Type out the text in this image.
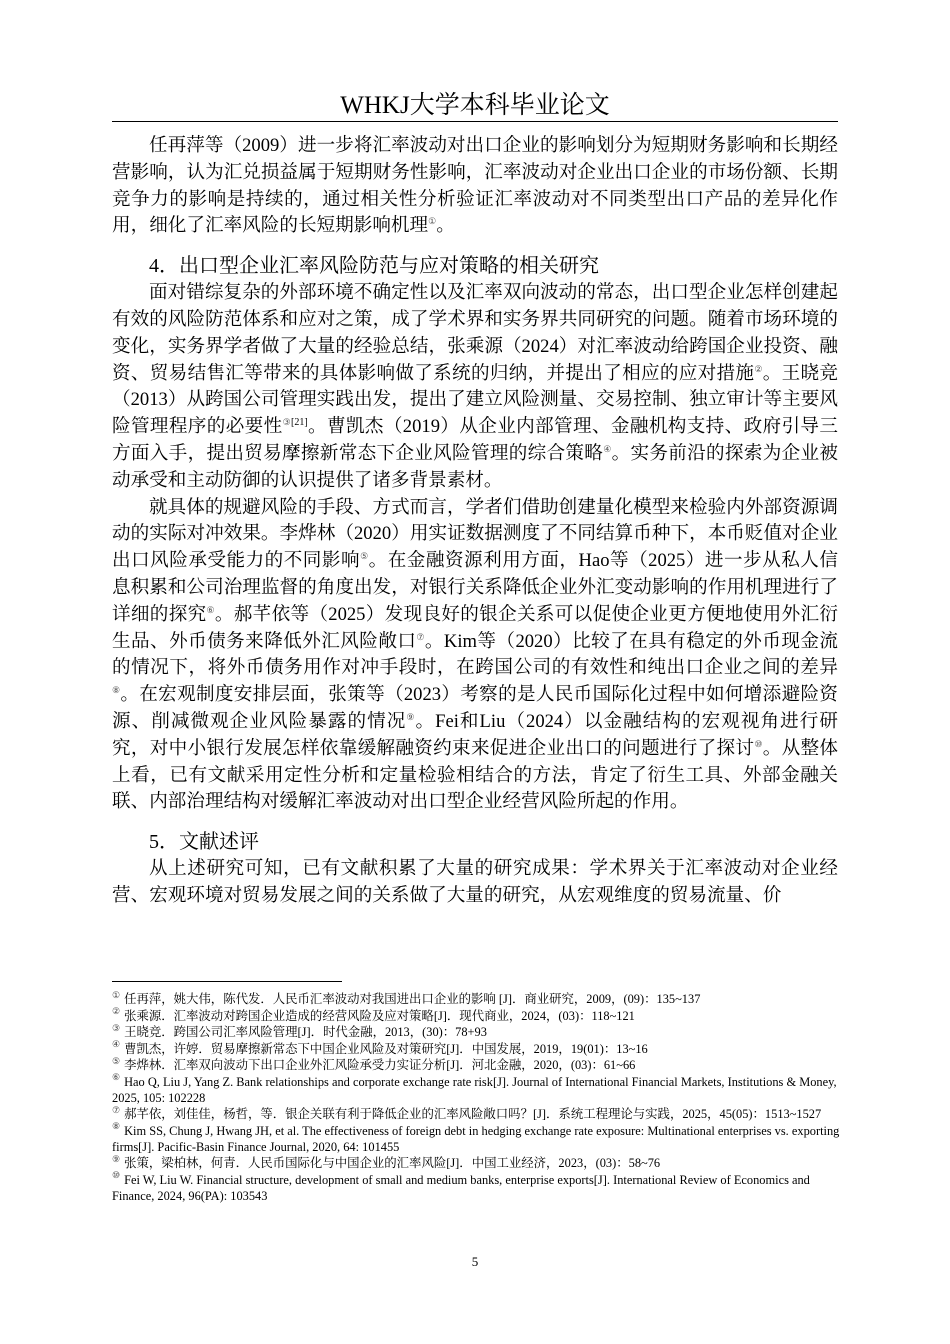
WHKJ大学本科毕业论文

任再萍等（2009）进一步将汇率波动对出口企业的影响划分为短期财务影响和长期经营影响，认为汇兑损益属于短期财务性影响，汇率波动对企业出口企业的市场份额、长期竞争力的影响是持续的，通过相关性分析验证汇率波动对不同类型出口产品的差异化作用，细化了汇率风险的长短期影响机理①。

4．出口型企业汇率风险防范与应对策略的相关研究

面对错综复杂的外部环境不确定性以及汇率双向波动的常态，出口型企业怎样创建起有效的风险防范体系和应对之策，成了学术界和实务界共同研究的问题。随着市场环境的变化，实务界学者做了大量的经验总结，张乘源（2024）对汇率波动给跨国企业投资、融资、贸易结售汇等带来的具体影响做了系统的归纳，并提出了相应的应对措施②。王晓竞（2013）从跨国公司管理实践出发，提出了建立风险测量、交易控制、独立审计等主要风险管理程序的必要性$^{③[21]}$。曹凯杰（2019）从企业内部管理、金融机构支持、政府引导三方面入手，提出贸易摩擦新常态下企业风险管理的综合策略④。实务前沿的探索为企业被动承受和主动防御的认识提供了诸多背景素材。

就具体的规避风险的手段、方式而言，学者们借助创建量化模型来检验内外部资源调动的实际对冲效果。李烨林（2020）用实证数据测度了不同结算币种下，本币贬值对企业出口风险承受能力的不同影响⑤。在金融资源利用方面，Hao等（2025）进一步从私人信息积累和公司治理监督的角度出发，对银行关系降低企业外汇变动影响的作用机理进行了详细的探究⑥。郝芊依等（2025）发现良好的银企关系可以促使企业更方便地使用外汇衍生品、外币债务来降低外汇风险敞口⑦。Kim等（2020）比较了在具有稳定的外币现金流的情况下，将外币债务用作对冲手段时，在跨国公司的有效性和纯出口企业之间的差异⑧。在宏观制度安排层面，张策等（2023）考察的是人民币国际化过程中如何增添避险资源、削减微观企业风险暴露的情况⑨。Fei和Liu（2024）以金融结构的宏观视角进行研究，对中小银行发展怎样依靠缓解融资约束来促进企业出口的问题进行了探讨⑩。从整体上看，已有文献采用定性分析和定量检验相结合的方法，肯定了衍生工具、外部金融关联、内部治理结构对缓解汇率波动对出口型企业经营风险所起的作用。

5．文献述评

从上述研究可知，已有文献积累了大量的研究成果：学术界关于汇率波动对企业经营、宏观环境对贸易发展之间的关系做了大量的研究，从宏观维度的贸易流量、价

① 任再萍，姚大伟，陈代发．人民币汇率波动对我国进出口企业的影响 [J]．商业研究，2009，(09)：135~137
② 张乘源．汇率波动对跨国企业造成的经营风险及应对策略[J]．现代商业，2024，(03)：118~121
③ 王晓竞．跨国公司汇率风险管理[J]．时代金融，2013，(30)：78+93
④ 曹凯杰，许婷．贸易摩擦新常态下中国企业风险及对策研究[J]．中国发展，2019，19(01)：13~16
⑤ 李烨林．汇率双向波动下出口企业外汇风险承受力实证分析[J]．河北金融，2020，(03)：61~66
⑥ Hao Q, Liu J, Yang Z. Bank relationships and corporate exchange rate risk[J]. Journal of International Financial Markets, Institutions & Money, 2025, 105: 102228
⑦ 郝芊依，刘佳佳，杨哲，等．银企关联有利于降低企业的汇率风险敞口吗？[J]．系统工程理论与实践，2025，45(05)：1513~1527
⑧ Kim SS, Chung J, Hwang JH, et al. The effectiveness of foreign debt in hedging exchange rate exposure: Multinational enterprises vs. exporting firms[J]. Pacific-Basin Finance Journal, 2020, 64: 101455
⑨ 张策，梁柏林，何青．人民币国际化与中国企业的汇率风险[J]．中国工业经济，2023，(03)：58~76
⑩ Fei W, Liu W. Financial structure, development of small and medium banks, enterprise exports[J]. International Review of Economics and Finance, 2024, 96(PA): 103543
5
